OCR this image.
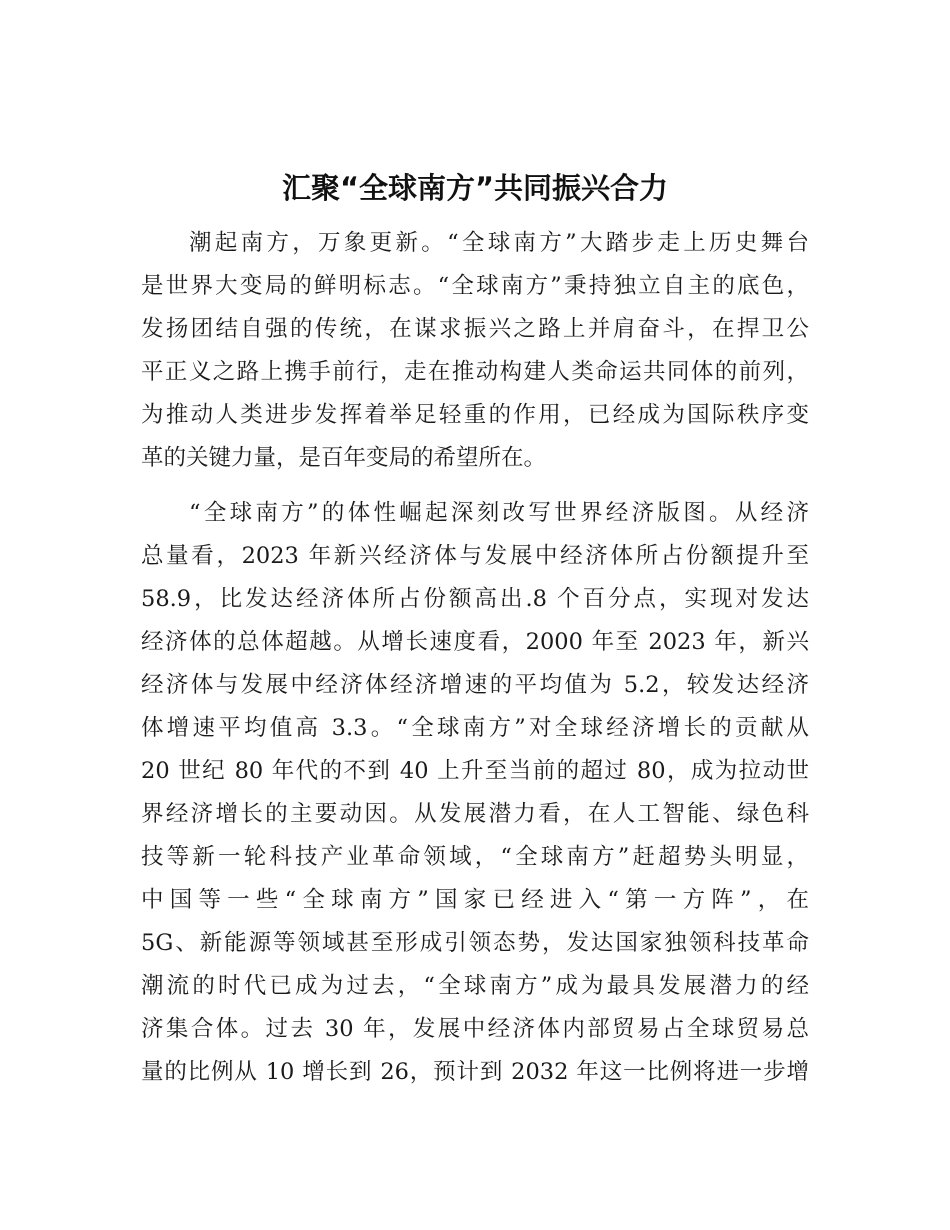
汇聚“全球南方”共同振兴合力
潮起南方，万象更新。“全球南方”大踏步走上历史舞台
是世界大变局的鲜明标志。“全球南方”秉持独立自主的底色，
发扬团结自强的传统，在谋求振兴之路上并肩奋斗，在捍卫公
平正义之路上携手前行，走在推动构建人类命运共同体的前列，
为推动人类进步发挥着举足轻重的作用，已经成为国际秩序变
革的关键力量，是百年变局的希望所在。
“全球南方”的体性崛起深刻改写世界经济版图。从经济
总量看，2023 年新兴经济体与发展中经济体所占份额提升至
58.9，比发达经济体所占份额高出.8 个百分点，实现对发达
经济体的总体超越。从增长速度看，2000 年至 2023 年，新兴
经济体与发展中经济体经济增速的平均值为 5.2，较发达经济
体增速平均值高 3.3。“全球南方”对全球经济增长的贡献从
20 世纪 80 年代的不到 40 上升至当前的超过 80，成为拉动世
界经济增长的主要动因。从发展潜力看，在人工智能、绿色科
技等新一轮科技产业革命领域，“全球南方”赶超势头明显，
中国等一些“全球南方”国家已经进入“第一方阵”，在
5G、新能源等领域甚至形成引领态势，发达国家独领科技革命
潮流的时代已成为过去，“全球南方”成为最具发展潜力的经
济集合体。过去 30 年，发展中经济体内部贸易占全球贸易总
量的比例从 10 增长到 26，预计到 2032 年这一比例将进一步增
